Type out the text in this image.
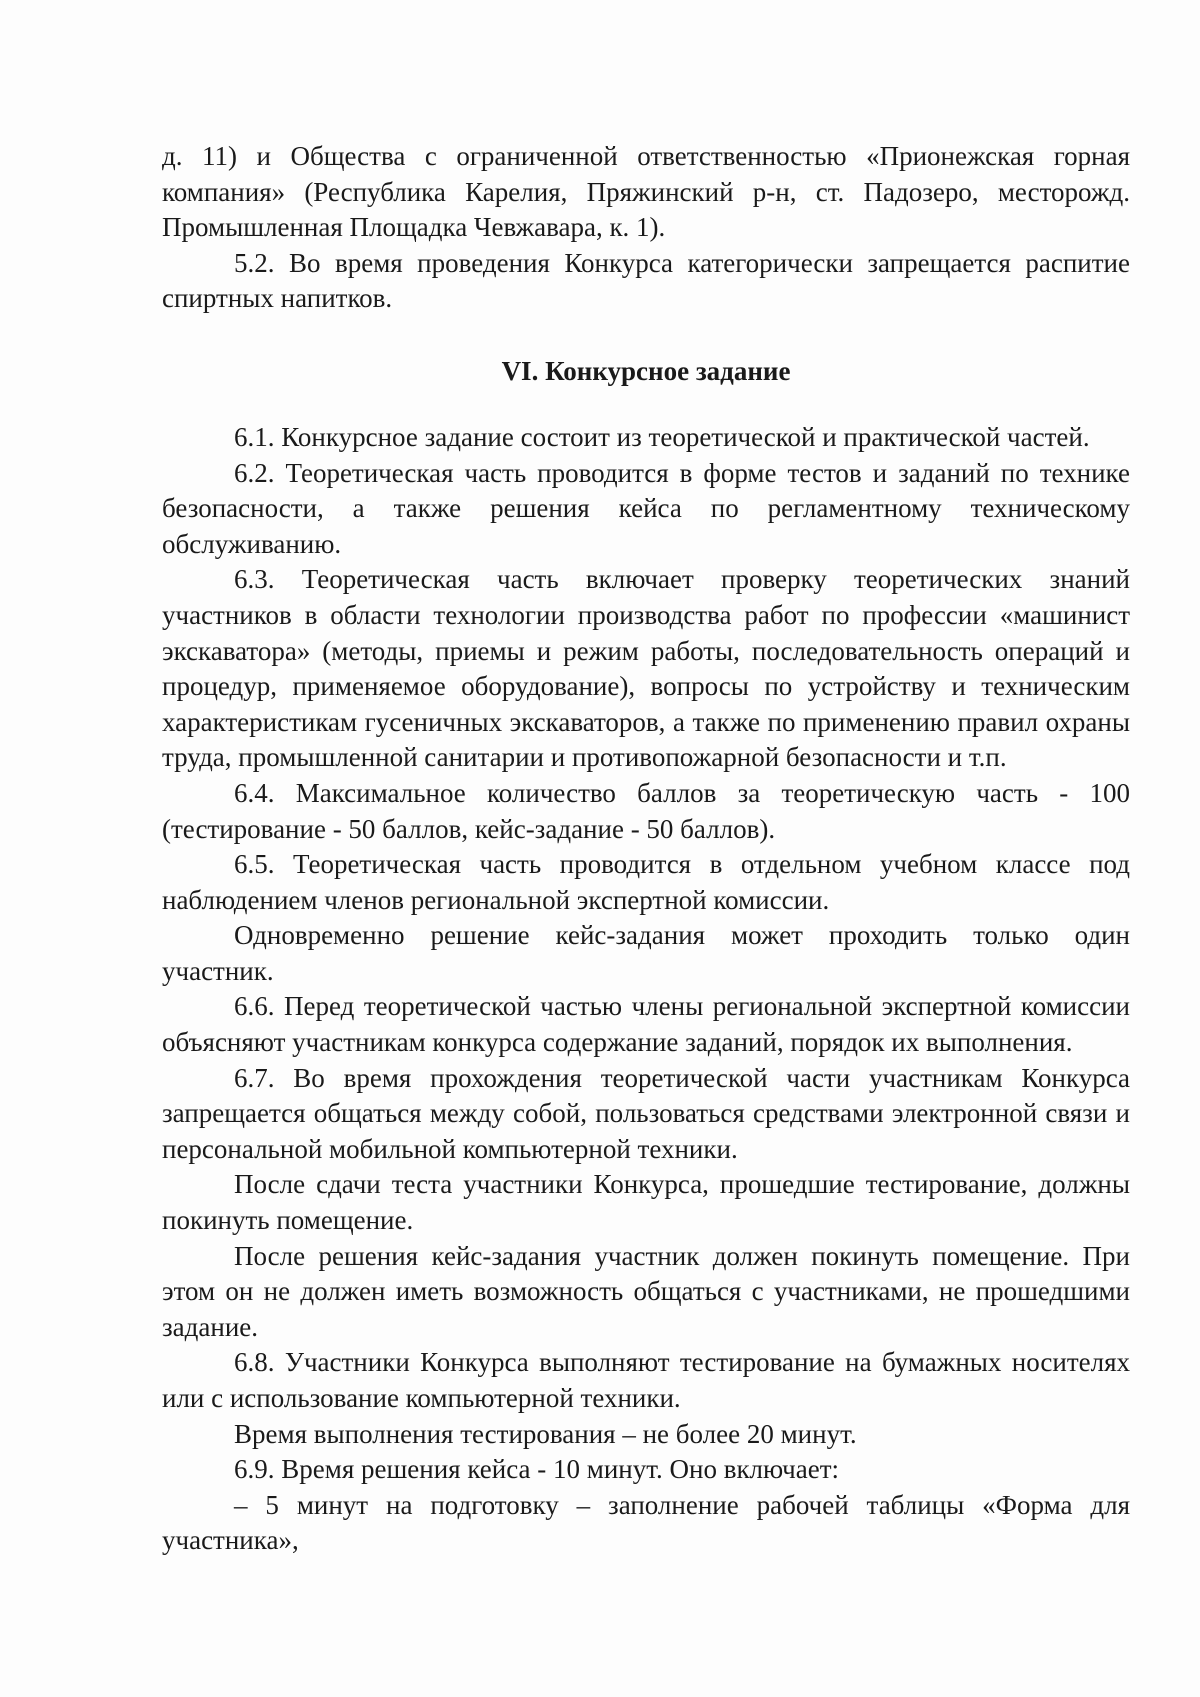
д. 11) и Общества с ограниченной ответственностью «Прионежская горная компания» (Республика Карелия, Пряжинский р-н, ст. Падозеро, месторожд. Промышленная Площадка Чевжавара, к. 1).

5.2. Во время проведения Конкурса категорически запрещается распитие спиртных напитков.

VI. Конкурсное задание

6.1. Конкурсное задание состоит из теоретической и практической частей.

6.2. Теоретическая часть проводится в форме тестов и заданий по технике безопасности, а также решения кейса по регламентному техническому обслуживанию.

6.3. Теоретическая часть включает проверку теоретических знаний участников в области технологии производства работ по профессии «машинист экскаватора» (методы, приемы и режим работы, последовательность операций и процедур, применяемое оборудование), вопросы по устройству и техническим характеристикам гусеничных экскаваторов, а также по применению правил охраны труда, промышленной санитарии и противопожарной безопасности и т.п.

6.4. Максимальное количество баллов за теоретическую часть - 100 (тестирование - 50 баллов, кейс-задание - 50 баллов).

6.5. Теоретическая часть проводится в отдельном учебном классе под наблюдением членов региональной экспертной комиссии.

Одновременно решение кейс-задания может проходить только один участник.

6.6. Перед теоретической частью члены региональной экспертной комиссии объясняют участникам конкурса содержание заданий, порядок их выполнения.

6.7. Во время прохождения теоретической части участникам Конкурса запрещается общаться между собой, пользоваться средствами электронной связи и персональной мобильной компьютерной техники.

После сдачи теста участники Конкурса, прошедшие тестирование, должны покинуть помещение.

После решения кейс-задания участник должен покинуть помещение. При этом он не должен иметь возможность общаться с участниками, не прошедшими задание.

6.8. Участники Конкурса выполняют тестирование на бумажных носителях или с использование компьютерной техники.

Время выполнения тестирования – не более 20 минут.

6.9. Время решения кейса - 10 минут. Оно включает:

– 5 минут на подготовку – заполнение рабочей таблицы «Форма для участника»,
